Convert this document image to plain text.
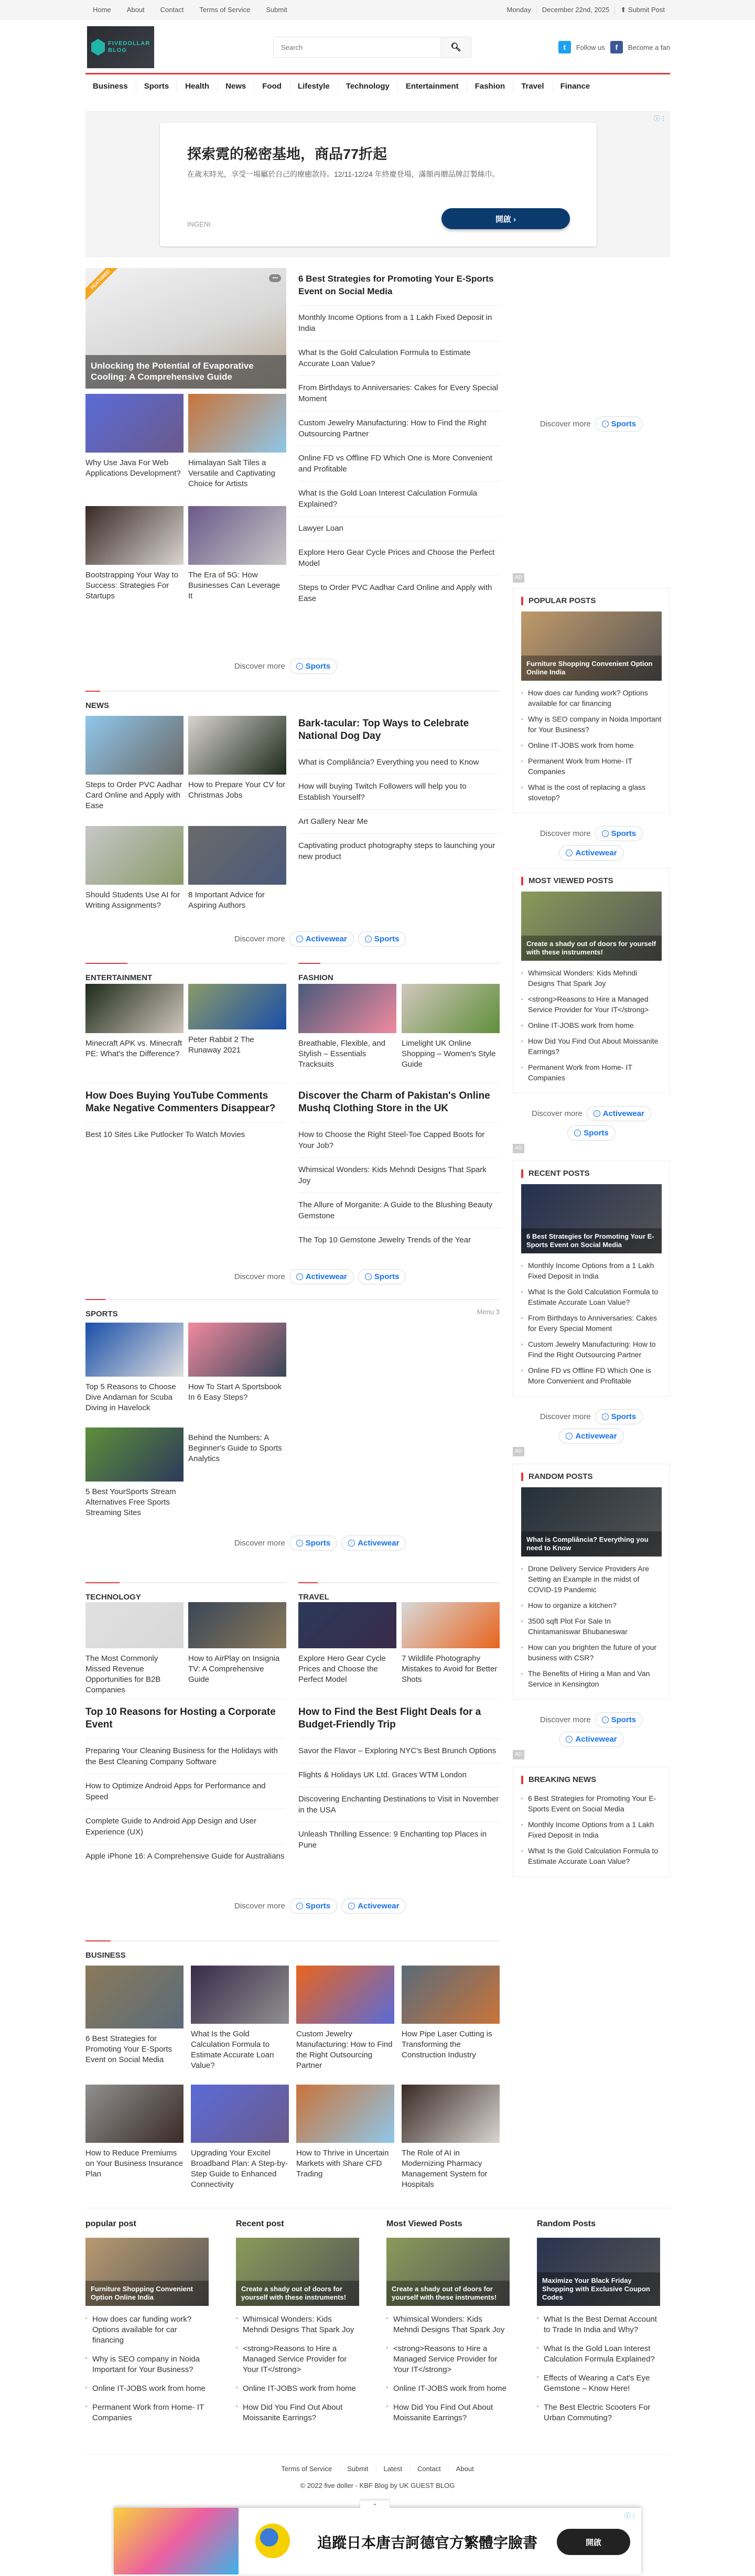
Home About Contact Terms of Service Submit	Monday	December 22nd, 2025	⬆ Submit Post
FIVEDOLLAR BLOG
Search	🔍︎	t	Follow us	f	Become a fan
Business	Sports	Health	News	Food	Lifestyle	Technology	Entertainment	Fashion	Travel	Finance
ⓘ⋮
探索霓的秘密基地，商品77折起
在歲末時光，享受一場屬於自己的療癒款待。12/11-12/24 年終慶登場，滿額再贈品牌訂製絲巾。
INGENI
開啟 ›
FEATURED	•••
Unlocking the Potential of Evaporative Cooling: A Comprehensive Guide
Why Use Java For Web Applications Development?
Himalayan Salt Tiles a Versatile and Captivating Choice for Artists
Bootstrapping Your Way to Success: Strategies For Startups
The Era of 5G: How Businesses Can Leverage It
6 Best Strategies for Promoting Your E-Sports Event on Social Media
Monthly Income Options from a 1 Lakh Fixed Deposit in India
What Is the Gold Calculation Formula to Estimate Accurate Loan Value?
From Birthdays to Anniversaries: Cakes for Every Special Moment
Custom Jewelry Manufacturing: How to Find the Right Outsourcing Partner
Online FD vs Offline FD Which One is More Convenient and Profitable
What Is the Gold Loan Interest Calculation Formula Explained?
Lawyer Loan
Explore Hero Gear Cycle Prices and Choose the Perfect Model
Steps to Order PVC Aadhar Card Online and Apply with Ease
Discover more	↑ Sports
NEWS
Steps to Order PVC Aadhar Card Online and Apply with Ease
How to Prepare Your CV for Christmas Jobs
Should Students Use AI for Writing Assignments?
8 Important Advice for Aspiring Authors
Bark-tacular: Top Ways to Celebrate National Dog Day
What is Compliância? Everything you need to Know
How will buying Twitch Followers will help you to Establish Yourself?
Art Gallery Near Me
Captivating product photography steps to launching your new product
Discover more	↑ Activewear	↑ Sports
ENTERTAINMENT	FASHION
Minecraft APK vs. Minecraft PE: What's the Difference?
Peter Rabbit 2 The Runaway 2021
Breathable, Flexible, and Stylish – Essentials Tracksuits
Limelight UK Online Shopping – Women's Style Guide
How Does Buying YouTube Comments Make Negative Commenters Disappear?
Best 10 Sites Like Putlocker To Watch Movies
Discover the Charm of Pakistan's Online Mushq Clothing Store in the UK
How to Choose the Right Steel-Toe Capped Boots for Your Job?
Whimsical Wonders: Kids Mehndi Designs That Spark Joy
The Allure of Morganite: A Guide to the Blushing Beauty Gemstone
The Top 10 Gemstone Jewelry Trends of the Year
Discover more	↑ Activewear	↑ Sports
SPORTS	Menu 3
Top 5 Reasons to Choose Dive Andaman for Scuba Diving in Havelock
How To Start A Sportsbook In 6 Easy Steps?
5 Best YourSports Stream Alternatives Free Sports Streaming Sites
Behind the Numbers: A Beginner's Guide to Sports Analytics
Discover more	↑ Sports	↑ Activewear
TECHNOLOGY	TRAVEL
The Most Commonly Missed Revenue Opportunities for B2B Companies
How to AirPlay on Insignia TV: A Comprehensive Guide
Explore Hero Gear Cycle Prices and Choose the Perfect Model
7 Wildlife Photography Mistakes to Avoid for Better Shots
Top 10 Reasons for Hosting a Corporate Event
Preparing Your Cleaning Business for the Holidays with the Best Cleaning Company Software
How to Optimize Android Apps for Performance and Speed
Complete Guide to Android App Design and User Experience (UX)
Apple iPhone 16: A Comprehensive Guide for Australians
How to Find the Best Flight Deals for a Budget-Friendly Trip
Savor the Flavor – Exploring NYC's Best Brunch Options
Flights & Holidays UK Ltd. Graces WTM London
Discovering Enchanting Destinations to Visit in November in the USA
Unleash Thrilling Essence: 9 Enchanting top Places in Pune
Discover more	↑ Sports	↑ Activewear
BUSINESS
6 Best Strategies for Promoting Your E-Sports Event on Social Media
What Is the Gold Calculation Formula to Estimate Accurate Loan Value?
Custom Jewelry Manufacturing: How to Find the Right Outsourcing Partner
How Pipe Laser Cutting is Transforming the Construction Industry
How to Reduce Premiums on Your Business Insurance Plan
Upgrading Your Excitel Broadband Plan: A Step-by-Step Guide to Enhanced Connectivity
How to Thrive in Uncertain Markets with Share CFD Trading
The Role of AI in Modernizing Pharmacy Management System for Hospitals
Discover more	↑ Sports
AD
POPULAR POSTS
Furniture Shopping Convenient Option Online India
How does car funding work? Options available for car financing
Why is SEO company in Noida Important for Your Business?
Online IT-JOBS work from home
Permanent Work from Home- IT Companies
What is the cost of replacing a glass stovetop?
Discover more	↑ Sports
↑ Activewear
MOST VIEWED POSTS
Create a shady out of doors for yourself with these instruments!
Whimsical Wonders: Kids Mehndi Designs That Spark Joy
<strong>Reasons to Hire a Managed Service Provider for Your IT</strong>
Online IT-JOBS work from home
How Did You Find Out About Moissanite Earrings?
Permanent Work from Home- IT Companies
Discover more	↑ Activewear
↑ Sports
AD
RECENT POSTS
6 Best Strategies for Promoting Your E-Sports Event on Social Media
Monthly Income Options from a 1 Lakh Fixed Deposit in India
What Is the Gold Calculation Formula to Estimate Accurate Loan Value?
From Birthdays to Anniversaries: Cakes for Every Special Moment
Custom Jewelry Manufacturing: How to Find the Right Outsourcing Partner
Online FD vs Offline FD Which One is More Convenient and Profitable
Discover more	↑ Sports
↑ Activewear
AD
RANDOM POSTS
What is Compliância? Everything you need to Know
Drone Delivery Service Providers Are Setting an Example in the midst of COVID-19 Pandemic
How to organize a kitchen?
3500 sqft Plot For Sale In Chintamaniswar Bhubaneswar
How can you brighten the future of your business with CSR?
The Benefits of Hiring a Man and Van Service in Kensington
Discover more	↑ Sports
↑ Activewear
AD
BREAKING NEWS
6 Best Strategies for Promoting Your E-Sports Event on Social Media
Monthly Income Options from a 1 Lakh Fixed Deposit in India
What Is the Gold Calculation Formula to Estimate Accurate Loan Value?
popular post
Furniture Shopping Convenient Option Online India
How does car funding work? Options available for car financing
Why is SEO company in Noida Important for Your Business?
Online IT-JOBS work from home
Permanent Work from Home- IT Companies
Recent post
Create a shady out of doors for yourself with these instruments!
Whimsical Wonders: Kids Mehndi Designs That Spark Joy
<strong>Reasons to Hire a Managed Service Provider for Your IT</strong>
Online IT-JOBS work from home
How Did You Find Out About Moissanite Earrings?
Most Viewed Posts
Create a shady out of doors for yourself with these instruments!
Whimsical Wonders: Kids Mehndi Designs That Spark Joy
<strong>Reasons to Hire a Managed Service Provider for Your IT</strong>
Online IT-JOBS work from home
How Did You Find Out About Moissanite Earrings?
Random Posts
Maximize Your Black Friday Shopping with Exclusive Coupon Codes
What Is the Best Demat Account to Trade In India and Why?
What Is the Gold Loan Interest Calculation Formula Explained?
Effects of Wearing a Cat's Eye Gemstone – Know Here!
The Best Electric Scooters For Urban Commuting?
Terms of Service	Submit	Latest	Contact	About
© 2022 five doller - KBF Blog by UK GUEST BLOG
⌄
追蹤日本唐吉訶德官方繁體字臉書	開啟
ⓘ⋮
